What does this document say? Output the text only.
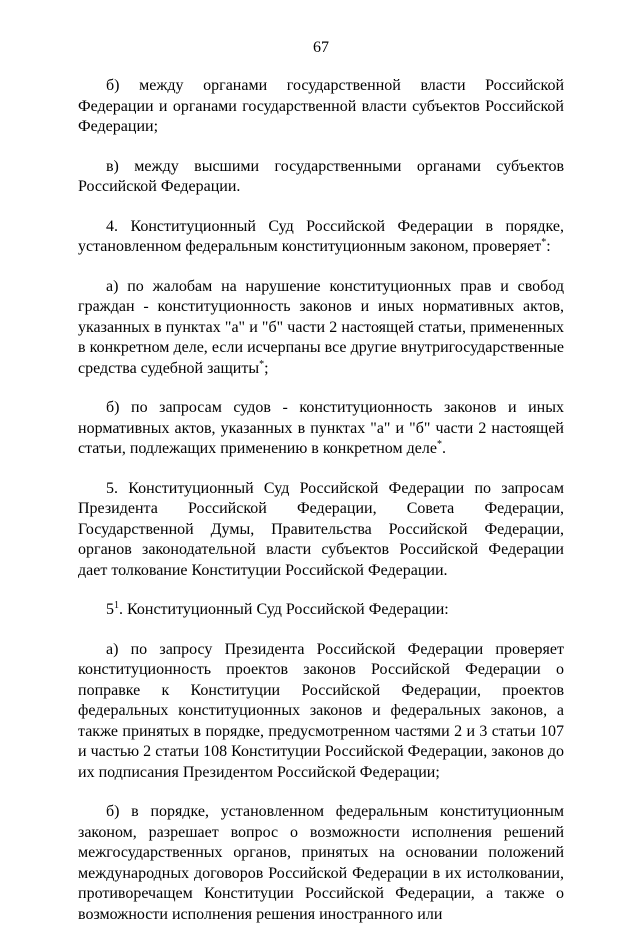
67

б) между органами государственной власти Российской Федерации и органами государственной власти субъектов Российской Федерации;

в) между высшими государственными органами субъектов Российской Федерации.

4. Конституционный Суд Российской Федерации в порядке, установленном федеральным конституционным законом, проверяет*:

а) по жалобам на нарушение конституционных прав и свобод граждан - конституционность законов и иных нормативных актов, указанных в пунктах "а" и "б" части 2 настоящей статьи, примененных в конкретном деле, если исчерпаны все другие внутригосударственные средства судебной защиты*;

б) по запросам судов - конституционность законов и иных нормативных актов, указанных в пунктах "а" и "б" части 2 настоящей статьи, подлежащих применению в конкретном деле*.

5. Конституционный Суд Российской Федерации по запросам Президента Российской Федерации, Совета Федерации, Государственной Думы, Правительства Российской Федерации, органов законодательной власти субъектов Российской Федерации дает толкование Конституции Российской Федерации.

$5^1$. Конституционный Суд Российской Федерации:

а) по запросу Президента Российской Федерации проверяет конституционность проектов законов Российской Федерации о поправке к Конституции Российской Федерации, проектов федеральных конституционных законов и федеральных законов, а также принятых в порядке, предусмотренном частями 2 и 3 статьи 107 и частью 2 статьи 108 Конституции Российской Федерации, законов до их подписания Президентом Российской Федерации;

б) в порядке, установленном федеральным конституционным законом, разрешает вопрос о возможности исполнения решений межгосударственных органов, принятых на основании положений международных договоров Российской Федерации в их истолковании, противоречащем Конституции Российской Федерации, а также о возможности исполнения решения иностранного или
